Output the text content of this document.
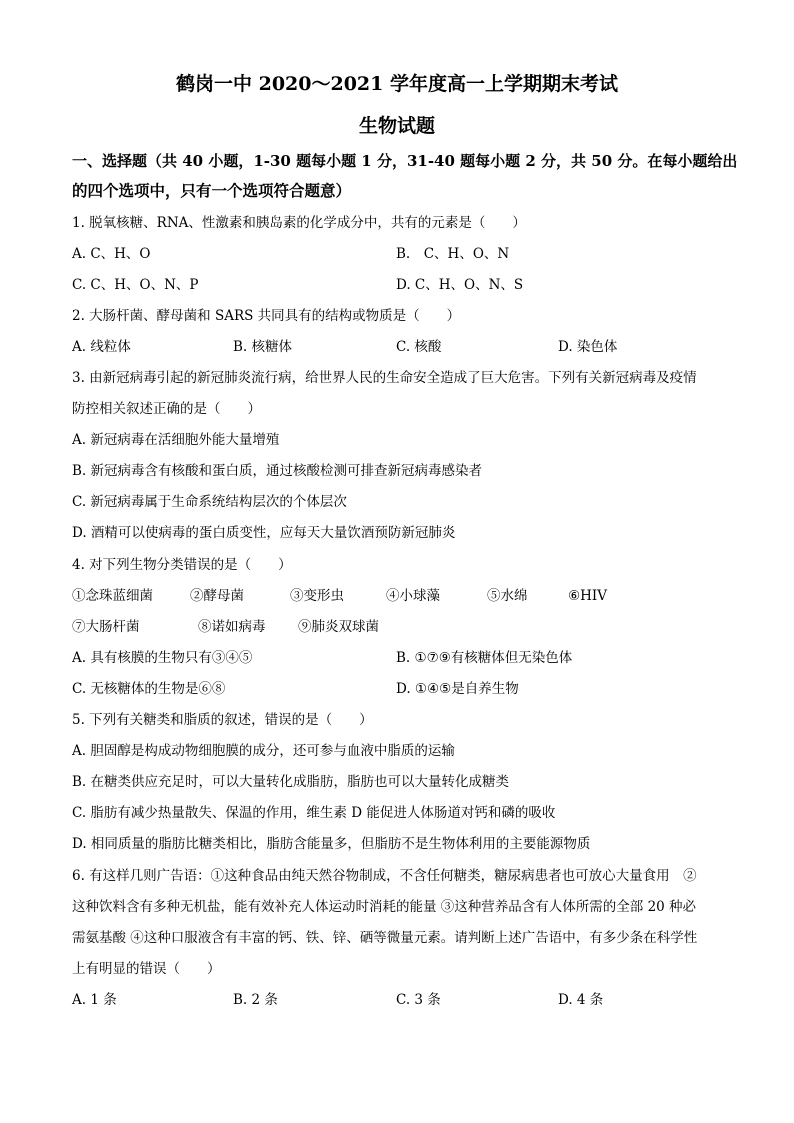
鹤岗一中 2020～2021 学年度高一上学期期末考试
生物试题
一、选择题（共 40 小题，1-30 题每小题 1 分，31-40 题每小题 2 分，共 50 分。在每小题给出
的四个选项中，只有一个选项符合题意）
1. 脱氧核糖、RNA、性激素和胰岛素的化学成分中，共有的元素是（　　）
A. C、H、O	B.　C、H、O、N
C. C、H、O、N、P	D. C、H、O、N、S
2. 大肠杆菌、酵母菌和 SARS 共同具有的结构或物质是（　　）
A. 线粒体	B. 核糖体	C. 核酸	D. 染色体
3. 由新冠病毒引起的新冠肺炎流行病，给世界人民的生命安全造成了巨大危害。下列有关新冠病毒及疫情
防控相关叙述正确的是（　　）
A. 新冠病毒在活细胞外能大量增殖
B. 新冠病毒含有核酸和蛋白质，通过核酸检测可排查新冠病毒感染者
C. 新冠病毒属于生命系统结构层次的个体层次
D. 酒精可以使病毒的蛋白质变性，应每天大量饮酒预防新冠肺炎
4. 对下列生物分类错误的是（　　）
①念珠蓝细菌	②酵母菌	③变形虫	④小球藻	⑤水绵	⑥HIV
⑦大肠杆菌	⑧诺如病毒 ⑨肺炎双球菌
A. 具有核膜的生物只有③④⑤	B. ①⑦⑨有核糖体但无染色体
C. 无核糖体的生物是⑥⑧	D. ①④⑤是自养生物
5. 下列有关糖类和脂质的叙述，错误的是（　　）
A. 胆固醇是构成动物细胞膜的成分，还可参与血液中脂质的运输
B. 在糖类供应充足时，可以大量转化成脂肪，脂肪也可以大量转化成糖类
C. 脂肪有减少热量散失、保温的作用，维生素 D 能促进人体肠道对钙和磷的吸收
D. 相同质量的脂肪比糖类相比，脂肪含能量多，但脂肪不是生物体利用的主要能源物质
6. 有这样几则广告语：①这种食品由纯天然谷物制成，不含任何糖类，糖尿病患者也可放心大量食用　②
这种饮料含有多种无机盐，能有效补充人体运动时消耗的能量 ③这种营养品含有人体所需的全部 20 种必
需氨基酸 ④这种口服液含有丰富的钙、铁、锌、硒等微量元素。请判断上述广告语中，有多少条在科学性
上有明显的错误（　　）
A. 1 条	B. 2 条	C. 3 条	D. 4 条
